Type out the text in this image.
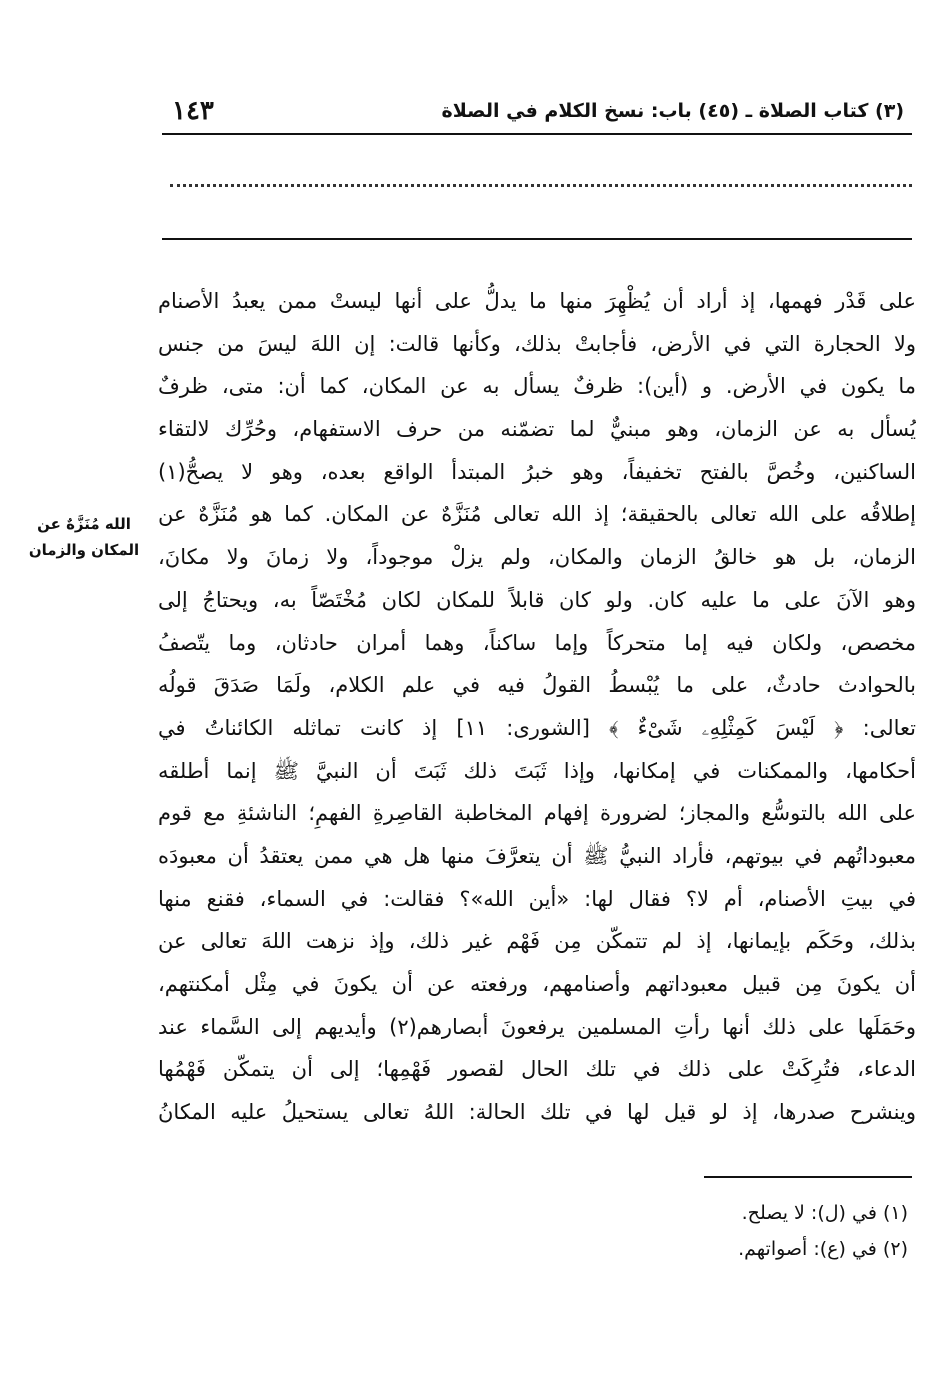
١٤٣	(٣) كتاب الصلاة ـ (٤٥) باب: نسخ الكلام في الصلاة
على قَدْر فهمها، إذ أراد أن يُظْهِرَ منها ما يدلُّ على أنها ليستْ ممن يعبدُ الأصنام
ولا الحجارة التي في الأرض، فأجابتْ بذلك، وكأنها قالت: إن اللهَ ليسَ من جنس
ما يكون في الأرض. و (أين): ظرفٌ يسأل به عن المكان، كما أن: متى، ظرفٌ
يُسأل به عن الزمان، وهو مبنيٌّ لما تضمّنه من حرف الاستفهام، وحُرِّك لالتقاء
الساكنين، وخُصَّ بالفتح تخفيفاً، وهو خبرُ المبتدأ الواقع بعده، وهو لا يصحُّ(١)
إطلاقُه على الله تعالى بالحقيقة؛ إذ الله تعالى مُنَزَّهٌ عن المكان. كما هو مُنَزَّهٌ عن
الزمان، بل هو خالقُ الزمان والمكان، ولم يزلْ موجوداً، ولا زمانَ ولا مكانَ،
وهو الآنَ على ما عليه كان. ولو كان قابلاً للمكان لكان مُخْتَصّاً به، ويحتاجُ إلى
مخصص، ولكان فيه إما متحركاً وإما ساكناً، وهما أمران حادثان، وما يتّصفُ
بالحوادث حادثٌ، على ما يُبْسطُ القولُ فيه في علم الكلام، ولَمَا صَدَقَ قولُه
تعالى: ﴿ لَيْسَ كَمِثْلِهِۦ شَىْءٌ ﴾ [الشورى: ١١] إذ كانت تماثله الكائناتُ في
أحكامها، والممكنات في إمكانها، وإذا ثَبَتَ ذلك ثَبَتَ أن النبيَّ ﷺ إنما أطلقه
على الله بالتوسُّع والمجاز؛ لضرورة إفهام المخاطبة القاصِرةِ الفهمِ؛ الناشئةِ مع قوم
معبوداتُهم في بيوتهم، فأراد النبيُّ ﷺ أن يتعرَّفَ منها هل هي ممن يعتقدُ أن معبودَه
في بيتِ الأصنام، أم لا؟ فقال لها: «أين الله»؟ فقالت: في السماء، فقنع منها
بذلك، وحَكَم بإيمانها، إذ لم تتمكّن مِن فَهْم غير ذلك، وإذ نزهت اللهَ تعالى عن
أن يكونَ مِن قبيل معبوداتهم وأصنامهم، ورفعته عن أن يكونَ في مِثْل أمكنتهم،
وحَمَلَها على ذلك أنها رأتِ المسلمين يرفعونَ أبصارهم(٢) وأيديهم إلى السَّماء عند
الدعاء، فتُرِكَتْ على ذلك في تلك الحال لقصور فَهْمِها؛ إلى أن يتمكّن فَهْمُها
وينشرح صدرها، إذ لو قيل لها في تلك الحالة: اللهُ تعالى يستحيلُ عليه المكانُ
الله مُنَزَّهٌ عن
المكان والزمان
(١) في (ل): لا يصلح.
(٢) في (ع): أصواتهم.
